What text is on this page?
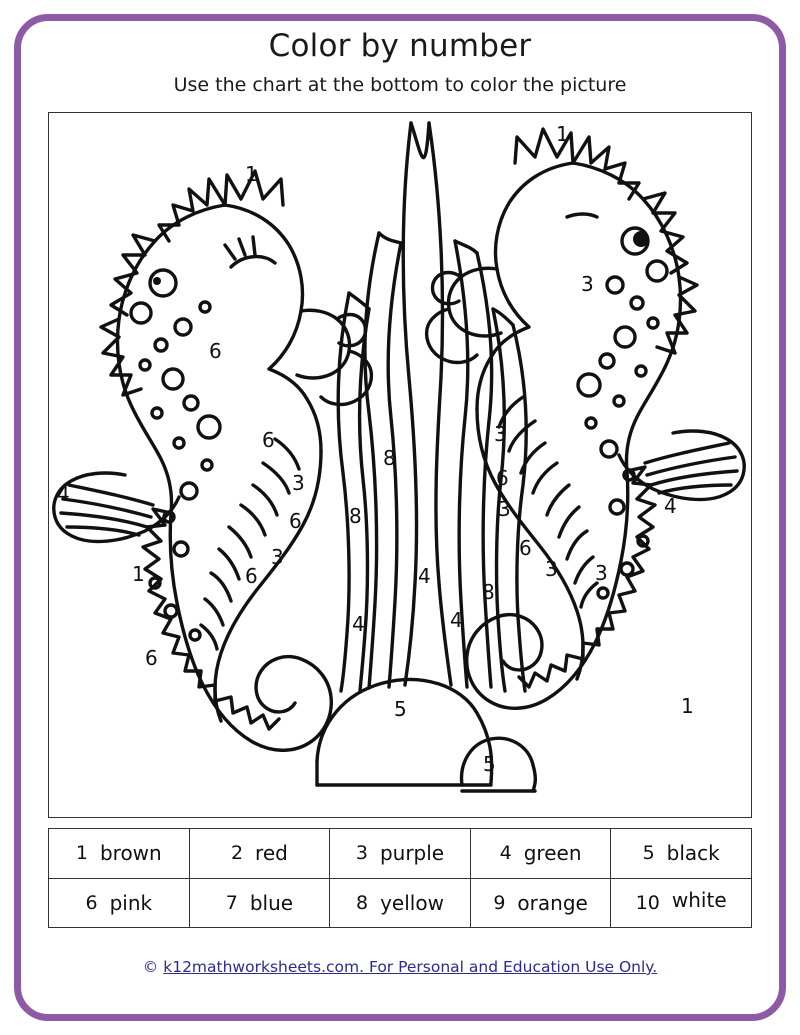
Color by number
Use the chart at the bottom to color the picture
1
6
4
1
6
6
3
6
3
6
8
8
4
4	4
8
5
5
1
3
3
6
3
6
3 3
4
1
1 brown	2 red	3 purple	4 green	5 black
6 pink	7 blue	8 yellow	9 orange	10 white
© k12mathworksheets.com. For Personal and Education Use Only.
